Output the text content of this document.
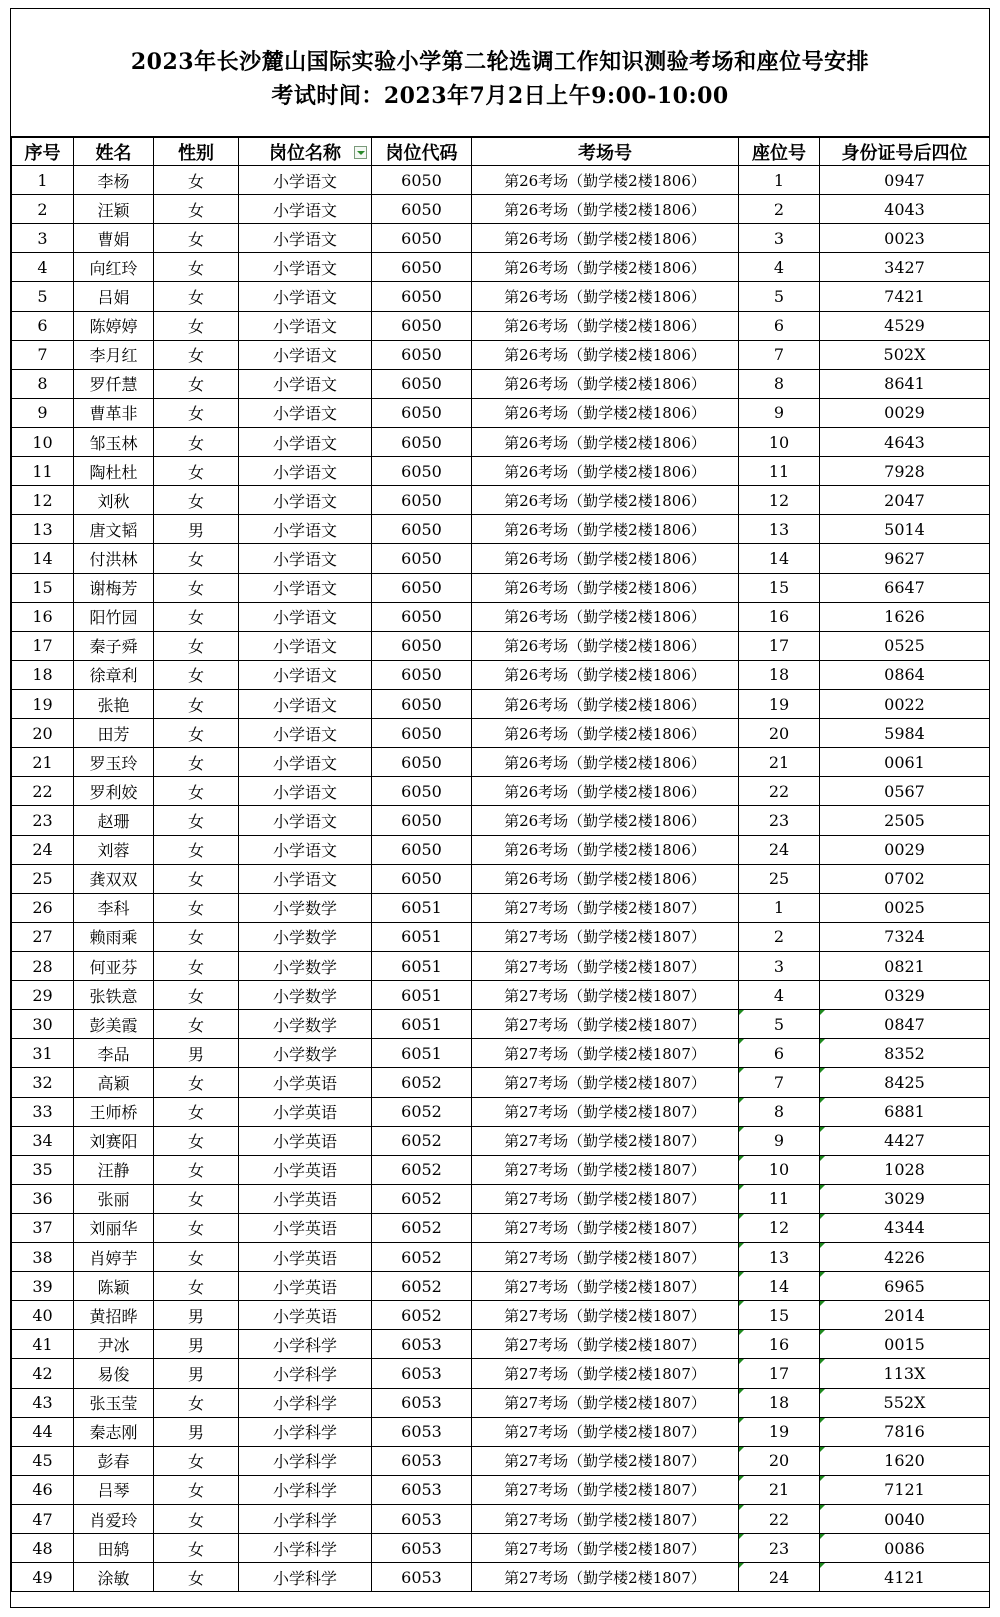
2023年长沙麓山国际实验小学第二轮选调工作知识测验考场和座位号安排
考试时间：2023年7月2日上午9:00-10:00
序号	姓名	性别	岗位名称	岗位代码	考场号	座位号	身份证号后四位
1	李杨	女	小学语文	6050	第26考场（勤学楼2楼1806）	1	0947
2	汪颖	女	小学语文	6050	第26考场（勤学楼2楼1806）	2	4043
3	曹娟	女	小学语文	6050	第26考场（勤学楼2楼1806）	3	0023
4	向红玲	女	小学语文	6050	第26考场（勤学楼2楼1806）	4	3427
5	吕娟	女	小学语文	6050	第26考场（勤学楼2楼1806）	5	7421
6	陈婷婷	女	小学语文	6050	第26考场（勤学楼2楼1806）	6	4529
7	李月红	女	小学语文	6050	第26考场（勤学楼2楼1806）	7	502X
8	罗仟慧	女	小学语文	6050	第26考场（勤学楼2楼1806）	8	8641
9	曹革非	女	小学语文	6050	第26考场（勤学楼2楼1806）	9	0029
10	邹玉林	女	小学语文	6050	第26考场（勤学楼2楼1806）	10	4643
11	陶杜杜	女	小学语文	6050	第26考场（勤学楼2楼1806）	11	7928
12	刘秋	女	小学语文	6050	第26考场（勤学楼2楼1806）	12	2047
13	唐文韬	男	小学语文	6050	第26考场（勤学楼2楼1806）	13	5014
14	付洪林	女	小学语文	6050	第26考场（勤学楼2楼1806）	14	9627
15	谢梅芳	女	小学语文	6050	第26考场（勤学楼2楼1806）	15	6647
16	阳竹园	女	小学语文	6050	第26考场（勤学楼2楼1806）	16	1626
17	秦子舜	女	小学语文	6050	第26考场（勤学楼2楼1806）	17	0525
18	徐章利	女	小学语文	6050	第26考场（勤学楼2楼1806）	18	0864
19	张艳	女	小学语文	6050	第26考场（勤学楼2楼1806）	19	0022
20	田芳	女	小学语文	6050	第26考场（勤学楼2楼1806）	20	5984
21	罗玉玲	女	小学语文	6050	第26考场（勤学楼2楼1806）	21	0061
22	罗利姣	女	小学语文	6050	第26考场（勤学楼2楼1806）	22	0567
23	赵珊	女	小学语文	6050	第26考场（勤学楼2楼1806）	23	2505
24	刘蓉	女	小学语文	6050	第26考场（勤学楼2楼1806）	24	0029
25	龚双双	女	小学语文	6050	第26考场（勤学楼2楼1806）	25	0702
26	李科	女	小学数学	6051	第27考场（勤学楼2楼1807）	1	0025
27	赖雨乘	女	小学数学	6051	第27考场（勤学楼2楼1807）	2	7324
28	何亚芬	女	小学数学	6051	第27考场（勤学楼2楼1807）	3	0821
29	张铁意	女	小学数学	6051	第27考场（勤学楼2楼1807）	4	0329
30	彭美霞	女	小学数学	6051	第27考场（勤学楼2楼1807）	5	0847
31	李品	男	小学数学	6051	第27考场（勤学楼2楼1807）	6	8352
32	高颖	女	小学英语	6052	第27考场（勤学楼2楼1807）	7	8425
33	王师桥	女	小学英语	6052	第27考场（勤学楼2楼1807）	8	6881
34	刘赛阳	女	小学英语	6052	第27考场（勤学楼2楼1807）	9	4427
35	汪静	女	小学英语	6052	第27考场（勤学楼2楼1807）	10	1028
36	张丽	女	小学英语	6052	第27考场（勤学楼2楼1807）	11	3029
37	刘丽华	女	小学英语	6052	第27考场（勤学楼2楼1807）	12	4344
38	肖婷芋	女	小学英语	6052	第27考场（勤学楼2楼1807）	13	4226
39	陈颖	女	小学英语	6052	第27考场（勤学楼2楼1807）	14	6965
40	黄招晔	男	小学英语	6052	第27考场（勤学楼2楼1807）	15	2014
41	尹冰	男	小学科学	6053	第27考场（勤学楼2楼1807）	16	0015
42	易俊	男	小学科学	6053	第27考场（勤学楼2楼1807）	17	113X
43	张玉莹	女	小学科学	6053	第27考场（勤学楼2楼1807）	18	552X
44	秦志刚	男	小学科学	6053	第27考场（勤学楼2楼1807）	19	7816
45	彭春	女	小学科学	6053	第27考场（勤学楼2楼1807）	20	1620
46	吕琴	女	小学科学	6053	第27考场（勤学楼2楼1807）	21	7121
47	肖爱玲	女	小学科学	6053	第27考场（勤学楼2楼1807）	22	0040
48	田鸫	女	小学科学	6053	第27考场（勤学楼2楼1807）	23	0086
49	涂敏	女	小学科学	6053	第27考场（勤学楼2楼1807）	24	4121
